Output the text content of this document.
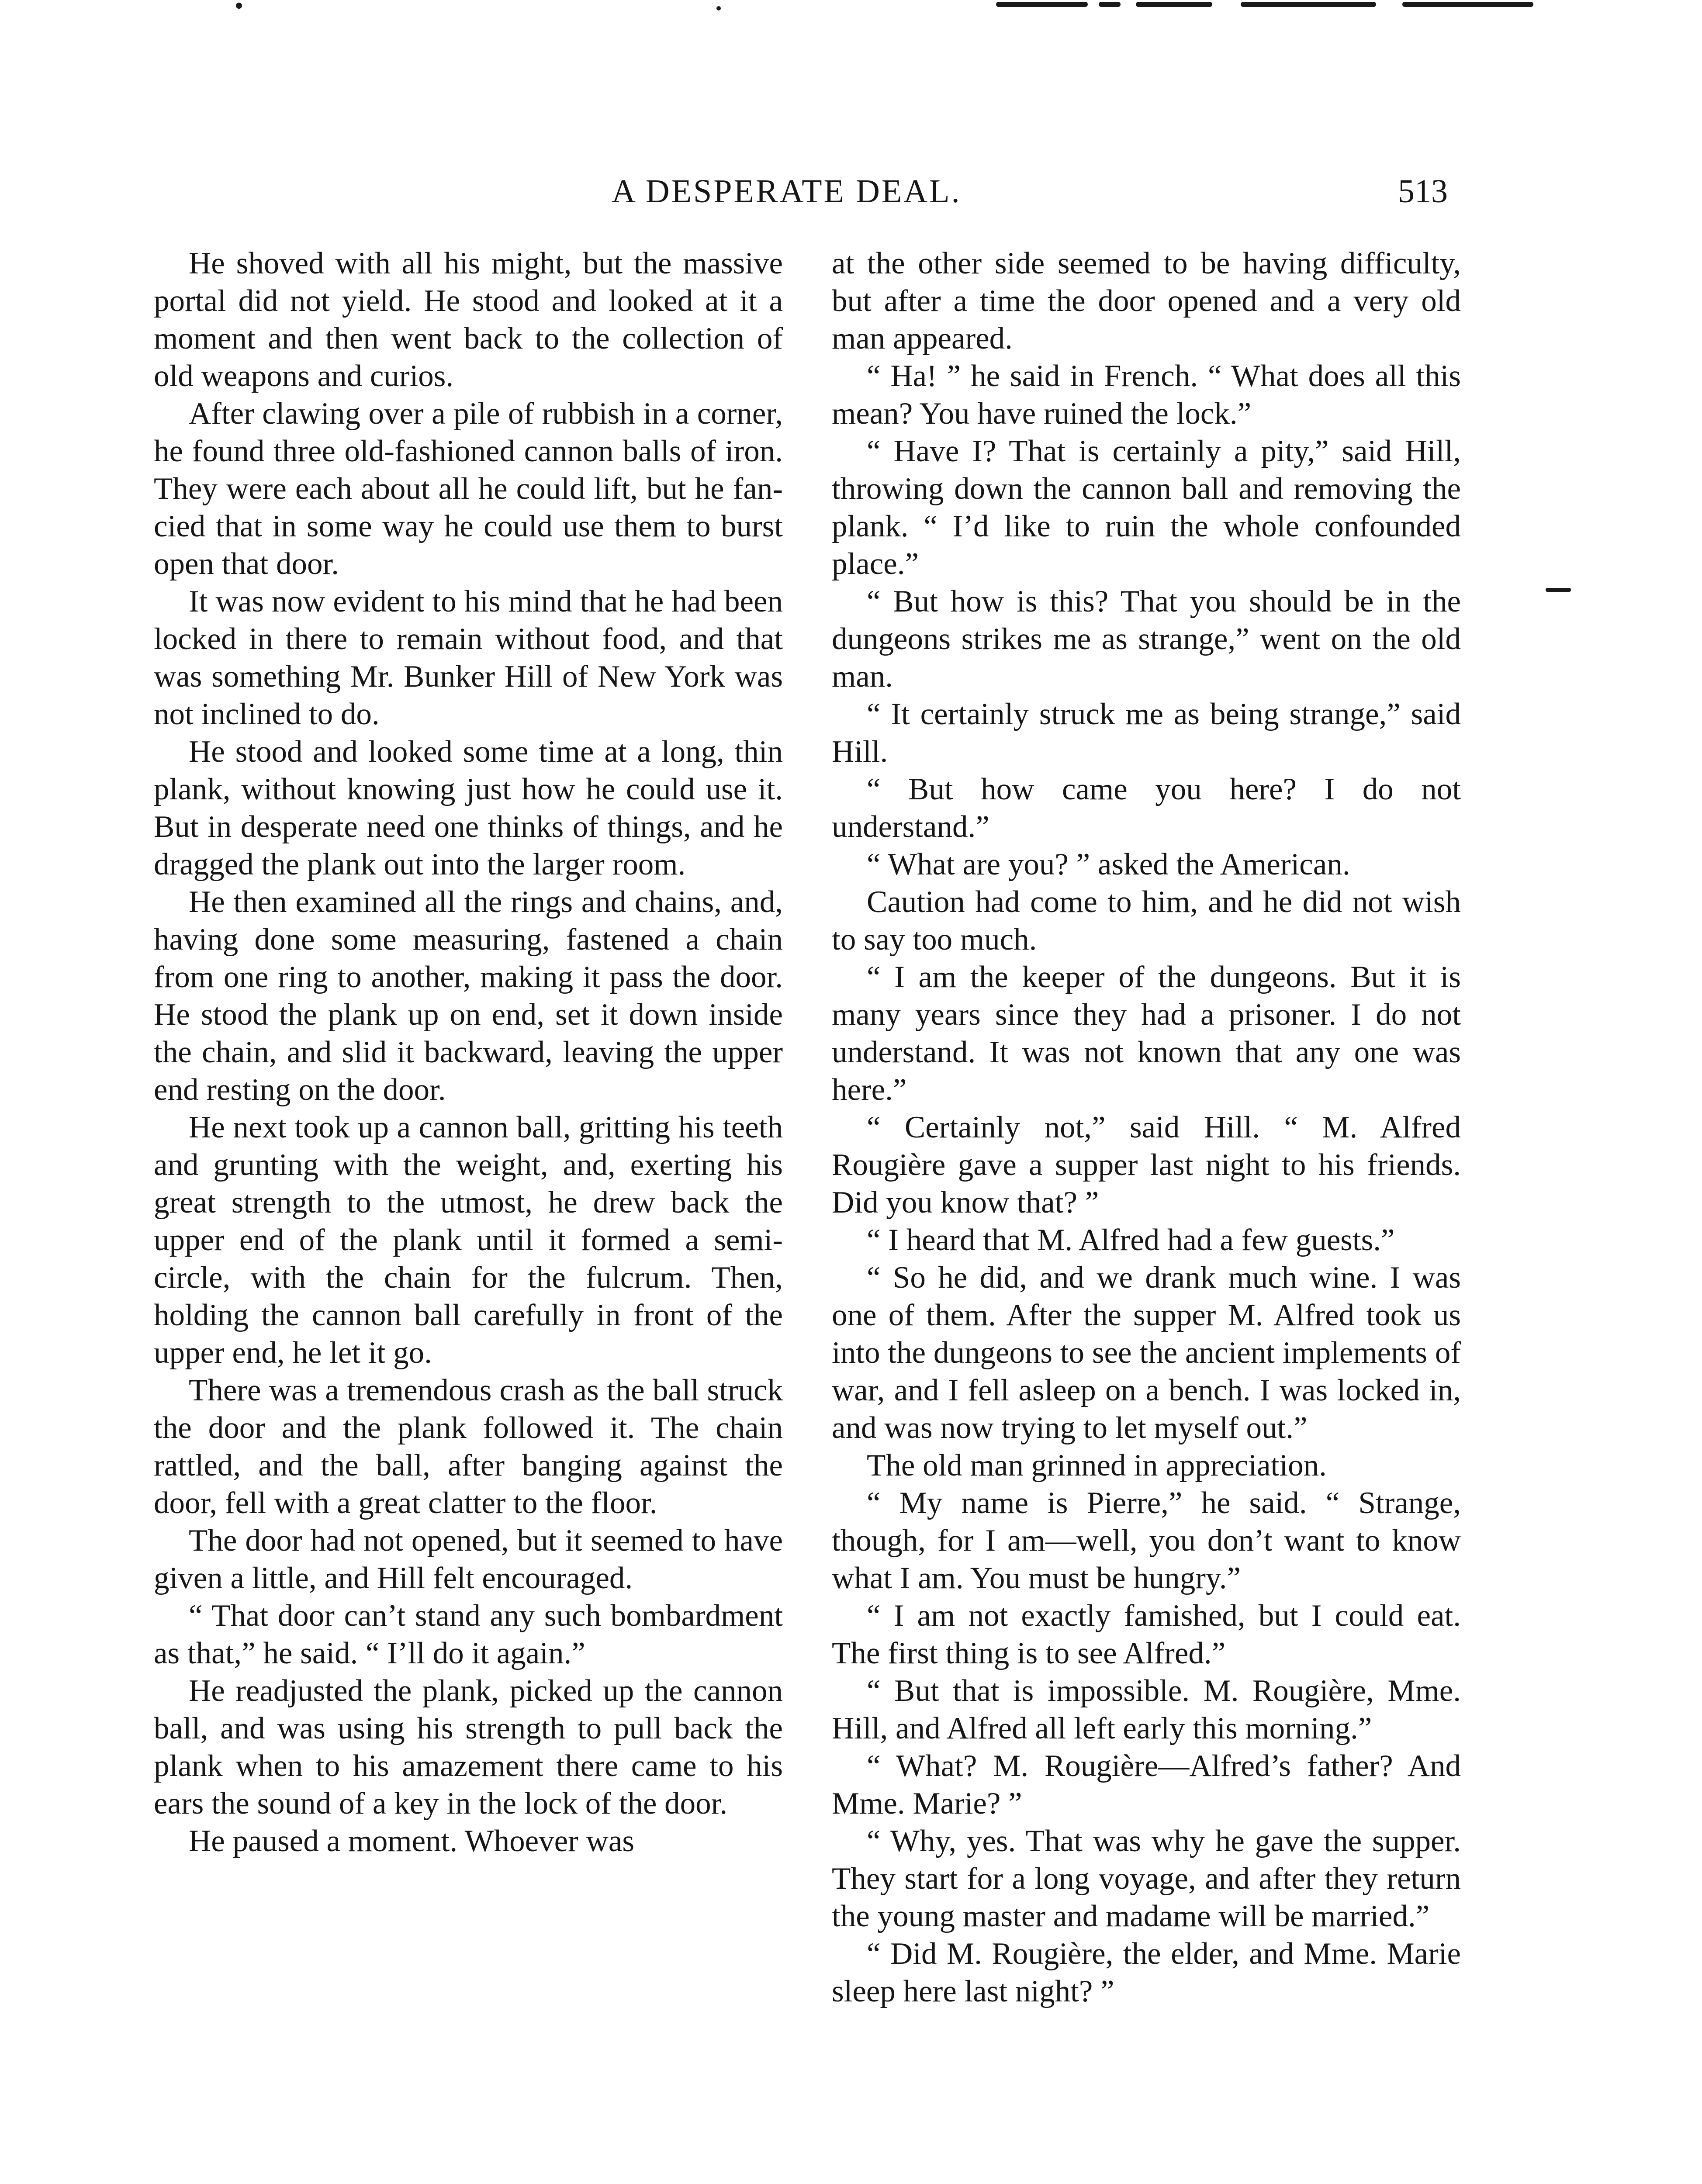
A DESPERATE DEAL.	513

He shoved with all his might, but the massive portal did not yield. He stood and looked at it a moment and then went back to the collection of old weapons and curios.

After clawing over a pile of rubbish in a corner, he found three old-fashioned cannon balls of iron. They were each about all he could lift, but he fancied that in some way he could use them to burst open that door.

It was now evident to his mind that he had been locked in there to remain without food, and that was something Mr. Bunker Hill of New York was not inclined to do.

He stood and looked some time at a long, thin plank, without knowing just how he could use it. But in desperate need one thinks of things, and he dragged the plank out into the larger room.

He then examined all the rings and chains, and, having done some measuring, fastened a chain from one ring to another, making it pass the door. He stood the plank up on end, set it down inside the chain, and slid it backward, leaving the upper end resting on the door.

He next took up a cannon ball, gritting his teeth and grunting with the weight, and, exerting his great strength to the utmost, he drew back the upper end of the plank until it formed a semicircle, with the chain for the fulcrum. Then, holding the cannon ball carefully in front of the upper end, he let it go.

There was a tremendous crash as the ball struck the door and the plank followed it. The chain rattled, and the ball, after banging against the door, fell with a great clatter to the floor.

The door had not opened, but it seemed to have given a little, and Hill felt encouraged.

“ That door can’t stand any such bombardment as that,” he said. “ I’ll do it again.”

He readjusted the plank, picked up the cannon ball, and was using his strength to pull back the plank when to his amazement there came to his ears the sound of a key in the lock of the door.

He paused a moment. Whoever was

at the other side seemed to be having difficulty, but after a time the door opened and a very old man appeared.

“ Ha! ” he said in French. “ What does all this mean? You have ruined the lock.”

“ Have I? That is certainly a pity,” said Hill, throwing down the cannon ball and removing the plank. “ I’d like to ruin the whole confounded place.”

“ But how is this? That you should be in the dungeons strikes me as strange,” went on the old man.

“ It certainly struck me as being strange,” said Hill.

“ But how came you here? I do not understand.”

“ What are you? ” asked the American.

Caution had come to him, and he did not wish to say too much.

“ I am the keeper of the dungeons. But it is many years since they had a prisoner. I do not understand. It was not known that any one was here.”

“ Certainly not,” said Hill. “ M. Alfred Rougière gave a supper last night to his friends. Did you know that? ”

“ I heard that M. Alfred had a few guests.”

“ So he did, and we drank much wine. I was one of them. After the supper M. Alfred took us into the dungeons to see the ancient implements of war, and I fell asleep on a bench. I was locked in, and was now trying to let myself out.”

The old man grinned in appreciation.

“ My name is Pierre,” he said. “ Strange, though, for I am—well, you don’t want to know what I am. You must be hungry.”

“ I am not exactly famished, but I could eat. The first thing is to see Alfred.”

“ But that is impossible. M. Rougière, Mme. Hill, and Alfred all left early this morning.”

“ What? M. Rougière—Alfred’s father? And Mme. Marie? ”

“ Why, yes. That was why he gave the supper. They start for a long voyage, and after they return the young master and madame will be married.”

“ Did M. Rougière, the elder, and Mme. Marie sleep here last night? ”
